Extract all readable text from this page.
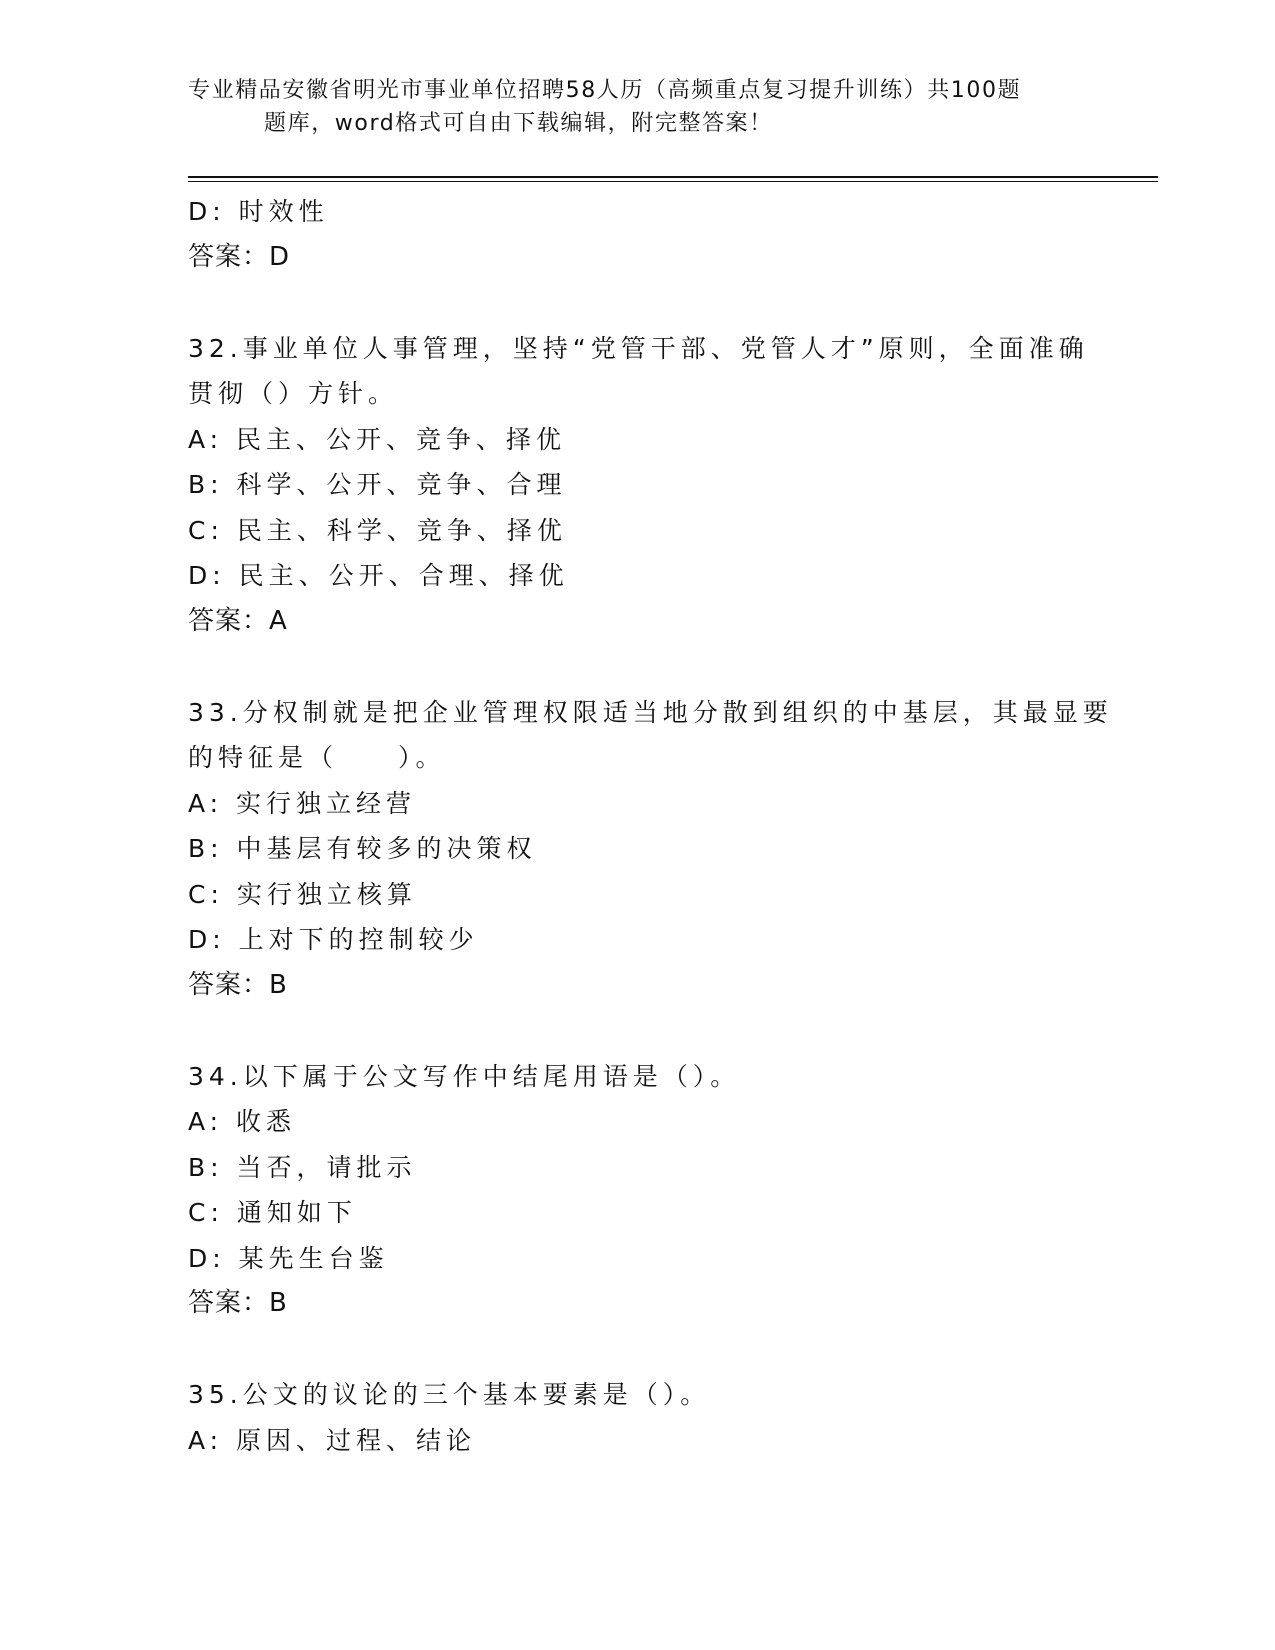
专业精品安徽省明光市事业单位招聘58人历（高频重点复习提升训练）共100题
题库，word格式可自由下载编辑，附完整答案！
D: 时效性
答案：D
32.事业单位人事管理，坚持“党管干部、党管人才”原则，全面准确
贯彻（）方针。
A: 民主、公开、竞争、择优
B: 科学、公开、竞争、合理
C: 民主、科学、竞争、择优
D: 民主、公开、合理、择优
答案：A
33.分权制就是把企业管理权限适当地分散到组织的中基层，其最显要
的特征是（　　）。
A: 实行独立经营
B: 中基层有较多的决策权
C: 实行独立核算
D: 上对下的控制较少
答案：B
34.以下属于公文写作中结尾用语是（）。
A: 收悉
B: 当否，请批示
C: 通知如下
D: 某先生台鉴
答案：B
35.公文的议论的三个基本要素是（）。
A: 原因、过程、结论
